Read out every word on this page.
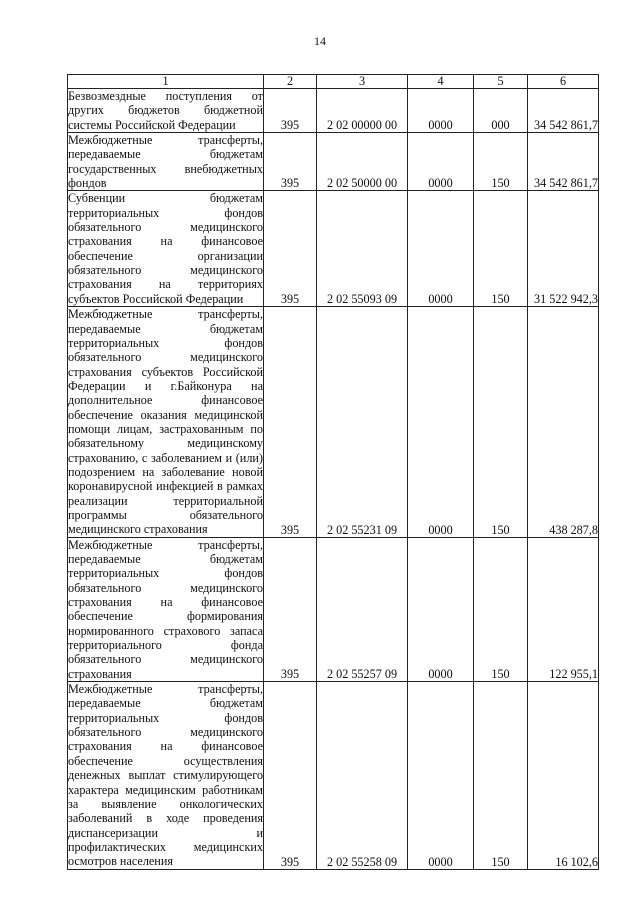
14
1	2	3	4	5	6
Безвозмездные поступления от других бюджетов бюджетной системы Российской Федерации	395	2 02 00000 00	0000	000	34 542 861,7
Межбюджетные трансферты, передаваемые бюджетам государственных внебюджетных фондов	395	2 02 50000 00	0000	150	34 542 861,7
Субвенции бюджетам территориальных фондов обязательного медицинского страхования на финансовое обеспечение организации обязательного медицинского страхования на территориях субъектов Российской Федерации	395	2 02 55093 09	0000	150	31 522 942,3
Межбюджетные трансферты, передаваемые бюджетам территориальных фондов обязательного медицинского страхования субъектов Российской Федерации и г.Байконура на дополнительное финансовое обеспечение оказания медицинской помощи лицам, застрахованным по обязательному медицинскому страхованию, с заболеванием и (или) подозрением на заболевание новой коронавирусной инфекцией в рамках реализации территориальной программы обязательного медицинского страхования	395	2 02 55231 09	0000	150	438 287,8
Межбюджетные трансферты, передаваемые бюджетам территориальных фондов обязательного медицинского страхования на финансовое обеспечение формирования нормированного страхового запаса территориального фонда обязательного медицинского страхования	395	2 02 55257 09	0000	150	122 955,1
Межбюджетные трансферты, передаваемые бюджетам территориальных фондов обязательного медицинского страхования на финансовое обеспечение осуществления денежных выплат стимулирующего характера медицинским работникам за выявление онкологических заболеваний в ходе проведения диспансеризации и профилактических медицинских осмотров населения	395	2 02 55258 09	0000	150	16 102,6
